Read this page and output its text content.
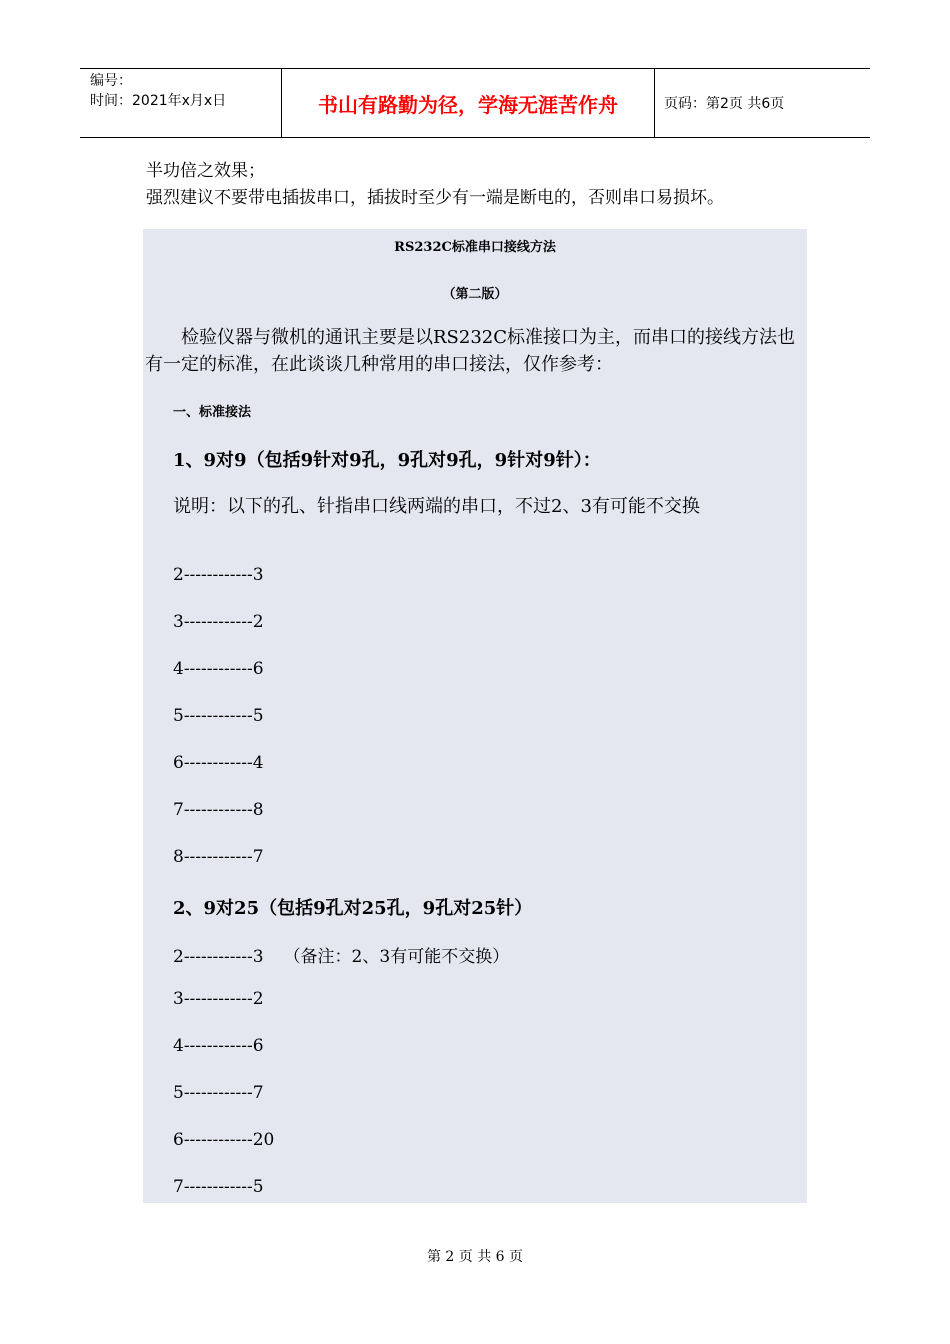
编号：
时间：2021年x月x日	书山有路勤为径，学海无涯苦作舟	页码：第2页 共6页
半功倍之效果；
强烈建议不要带电插拔串口，插拔时至少有一端是断电的，否则串口易损坏。
RS232C标准串口接线方法
（第二版）
检验仪器与微机的通讯主要是以RS232C标准接口为主，而串口的接线方法也有一定的标准，在此谈谈几种常用的串口接法，仅作参考：
一、标准接法
1、9对9（包括9针对9孔，9孔对9孔，9针对9针）：
说明：以下的孔、针指串口线两端的串口，不过2、3有可能不交换
2------------3
3------------2
4------------6
5------------5
6------------4
7------------8
8------------7
2、9对25（包括9孔对25孔，9孔对25针）
2------------3 （备注：2、3有可能不交换）
3------------2
4------------6
5------------7
6------------20
7------------5
第 2 页 共 6 页
